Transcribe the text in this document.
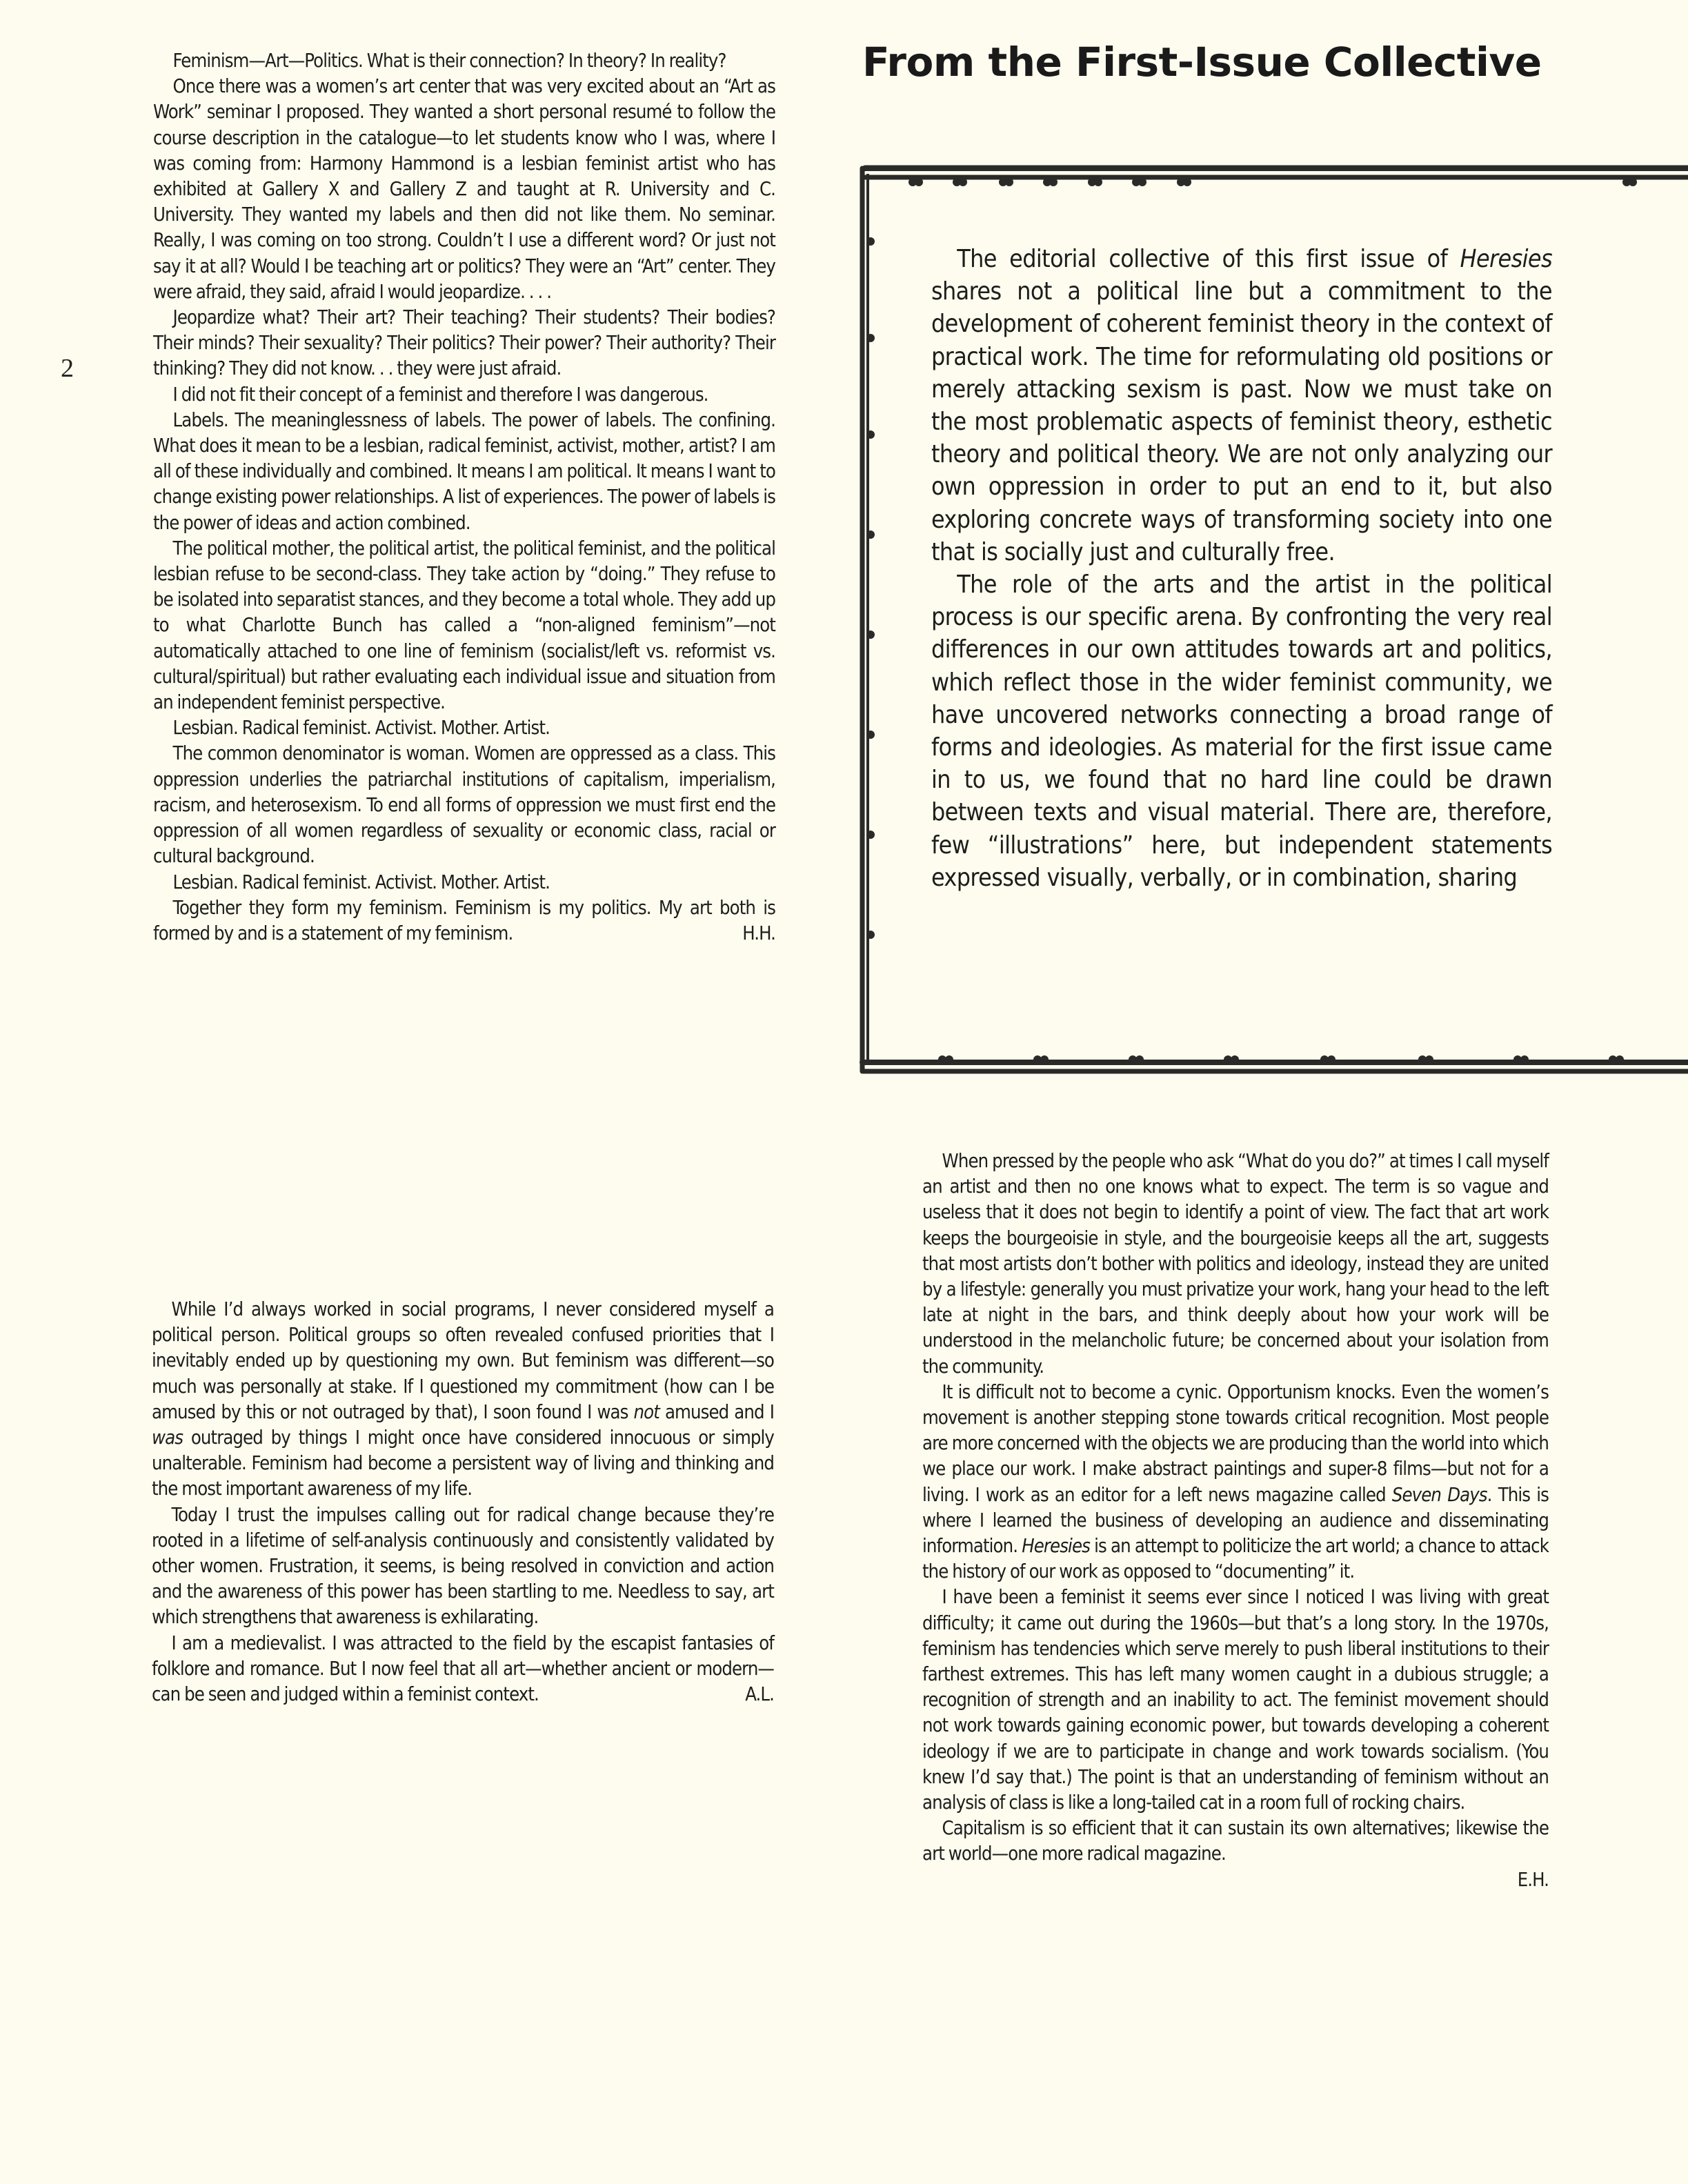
2

Feminism—Art—Politics. What is their connection? In theory? In reality?

Once there was a women’s art center that was very excited about an “Art as Work” seminar I proposed. They wanted a short personal resumé to follow the course description in the catalogue—to let students know who I was, where I was coming from: Harmony Hammond is a lesbian feminist artist who has exhibited at Gallery X and Gallery Z and taught at R. University and C. University. They wanted my labels and then did not like them. No seminar. Really, I was coming on too strong. Couldn’t I use a different word? Or just not say it at all? Would I be teaching art or politics? They were an “Art” center. They were afraid, they said, afraid I would jeopardize. . . .

Jeopardize what? Their art? Their teaching? Their students? Their bodies? Their minds? Their sexuality? Their politics? Their power? Their authority? Their thinking? They did not know. . . they were just afraid.

I did not fit their concept of a feminist and therefore I was dangerous.

Labels. The meaninglessness of labels. The power of labels. The confining. What does it mean to be a lesbian, radical feminist, activist, mother, artist? I am all of these individually and combined. It means I am political. It means I want to change existing power relationships. A list of experiences. The power of labels is the power of ideas and action combined.

The political mother, the political artist, the political feminist, and the political lesbian refuse to be second-class. They take action by “doing.” They refuse to be isolated into separatist stances, and they become a total whole. They add up to what Charlotte Bunch has called a “non-aligned feminism”—not automatically attached to one line of feminism (socialist/left vs. reformist vs. cultural/​spiritual) but rather evaluating each individual issue and situation from an independent feminist perspective.

Lesbian. Radical feminist. Activist. Mother. Artist.

The common denominator is woman. Women are oppressed as a class. This oppression underlies the patriarchal institutions of capitalism, imperialism, racism, and heterosexism. To end all forms of oppression we must first end the oppression of all women regardless of sexuality or economic class, racial or cultural background.

Lesbian. Radical feminist. Activist. Mother. Artist.

Together they form my feminism. Feminism is my politics. My art both is formed by and is a statement of my feminism.	H.H.

While I’d always worked in social programs, I never considered myself a political person. Political groups so often revealed confused priorities that I inevitably ended up by questioning my own. But feminism was different—so much was personally at stake. If I questioned my commitment (how can I be amused by this or not outraged by that), I soon found I was not amused and I was outraged by things I might once have considered innocuous or simply unalterable. Feminism had become a persistent way of living and thinking and the most important awareness of my life.

Today I trust the impulses calling out for radical change because they’re rooted in a lifetime of self-analysis continuously and consistently validated by other women. Frustration, it seems, is being resolved in conviction and action and the awareness of this power has been startling to me. Needless to say, art which strengthens that awareness is exhilarating.

I am a medievalist. I was attracted to the field by the escapist fantasies of folklore and romance. But I now feel that all art—whether ancient or modern—can be seen and judged within a feminist context.	A.L.

From the First-Issue Collective

The editorial collective of this first issue of Heresies shares not a political line but a commitment to the development of coherent feminist theory in the context of practical work. The time for reformulating old positions or merely attacking sexism is past. Now we must take on the most problematic aspects of feminist theory, esthetic theory and political theory. We are not only analyzing our own oppression in order to put an end to it, but also exploring concrete ways of transforming society into one that is socially just and culturally free.

The role of the arts and the artist in the political process is our specific arena. By confronting the very real differences in our own attitudes towards art and politics, which reflect those in the wider feminist community, we have uncovered networks connecting a broad range of forms and ideologies. As material for the first issue came in to us, we found that no hard line could be drawn between texts and visual material. There are, therefore, few “illustrations” here, but independent statements expressed visually, verbally, or in combination, sharing

When pressed by the people who ask “What do you do?” at times I call myself an artist and then no one knows what to expect. The term is so vague and useless that it does not begin to identify a point of view. The fact that art work keeps the bourgeoisie in style, and the bourgeoisie keeps all the art, suggests that most artists don’t bother with politics and ideology, instead they are united by a lifestyle: generally you must privatize your work, hang your head to the left late at night in the bars, and think deeply about how your work will be understood in the melancholic future; be concerned about your isolation from the community.

It is difficult not to become a cynic. Opportunism knocks. Even the women’s movement is another stepping stone towards critical recognition. Most people are more concerned with the objects we are producing than the world into which we place our work. I make abstract paintings and super-8 films—but not for a living. I work as an editor for a left news magazine called Seven Days. This is where I learned the business of developing an audience and disseminating information. Heresies is an attempt to politicize the art world; a chance to attack the history of our work as opposed to “documenting” it.

I have been a feminist it seems ever since I noticed I was living with great difficulty; it came out during the 1960s—but that’s a long story. In the 1970s, feminism has tendencies which serve merely to push liberal institutions to their farthest extremes. This has left many women caught in a dubious struggle; a recognition of strength and an inability to act. The feminist movement should not work towards gaining economic power, but towards developing a coherent ideology if we are to participate in change and work towards socialism. (You knew I’d say that.) The point is that an understanding of feminism without an analysis of class is like a long-tailed cat in a room full of rocking chairs.

Capitalism is so efficient that it can sustain its own alternatives; likewise the art world—one more radical magazine.

E.H.
